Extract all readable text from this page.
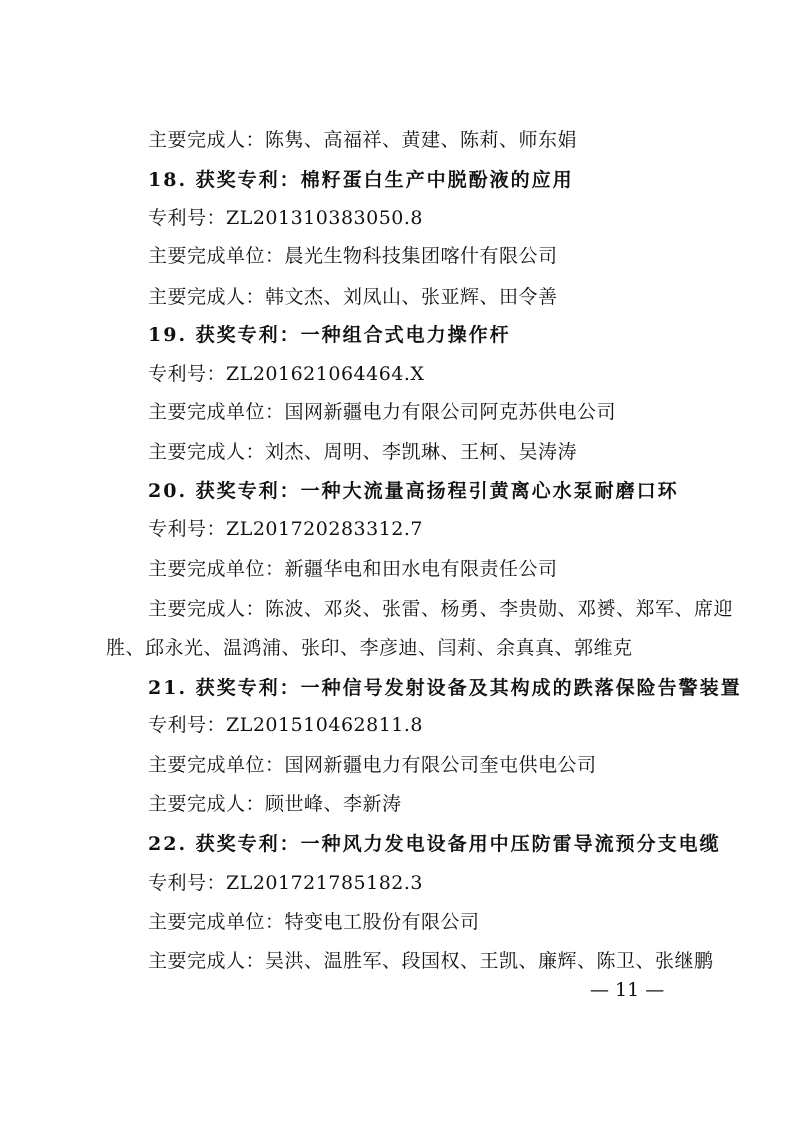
主要完成人：陈隽、高福祥、黄建、陈莉、师东娟
18. 获奖专利：棉籽蛋白生产中脱酚液的应用
专利号：ZL201310383050.8
主要完成单位：晨光生物科技集团喀什有限公司
主要完成人：韩文杰、刘凤山、张亚辉、田令善
19. 获奖专利：一种组合式电力操作杆
专利号：ZL201621064464.X
主要完成单位：国网新疆电力有限公司阿克苏供电公司
主要完成人：刘杰、周明、李凯琳、王柯、吴涛涛
20. 获奖专利：一种大流量高扬程引黄离心水泵耐磨口环
专利号：ZL201720283312.7
主要完成单位：新疆华电和田水电有限责任公司
主要完成人：陈波、邓炎、张雷、杨勇、李贵勋、邓赟、郑军、席迎
胜、邱永光、温鸿浦、张印、李彦迪、闫莉、余真真、郭维克
21. 获奖专利：一种信号发射设备及其构成的跌落保险告警装置
专利号：ZL201510462811.8
主要完成单位：国网新疆电力有限公司奎屯供电公司
主要完成人：顾世峰、李新涛
22. 获奖专利：一种风力发电设备用中压防雷导流预分支电缆
专利号：ZL201721785182.3
主要完成单位：特变电工股份有限公司
主要完成人：吴洪、温胜军、段国权、王凯、廉辉、陈卫、张继鹏
— 11 —
